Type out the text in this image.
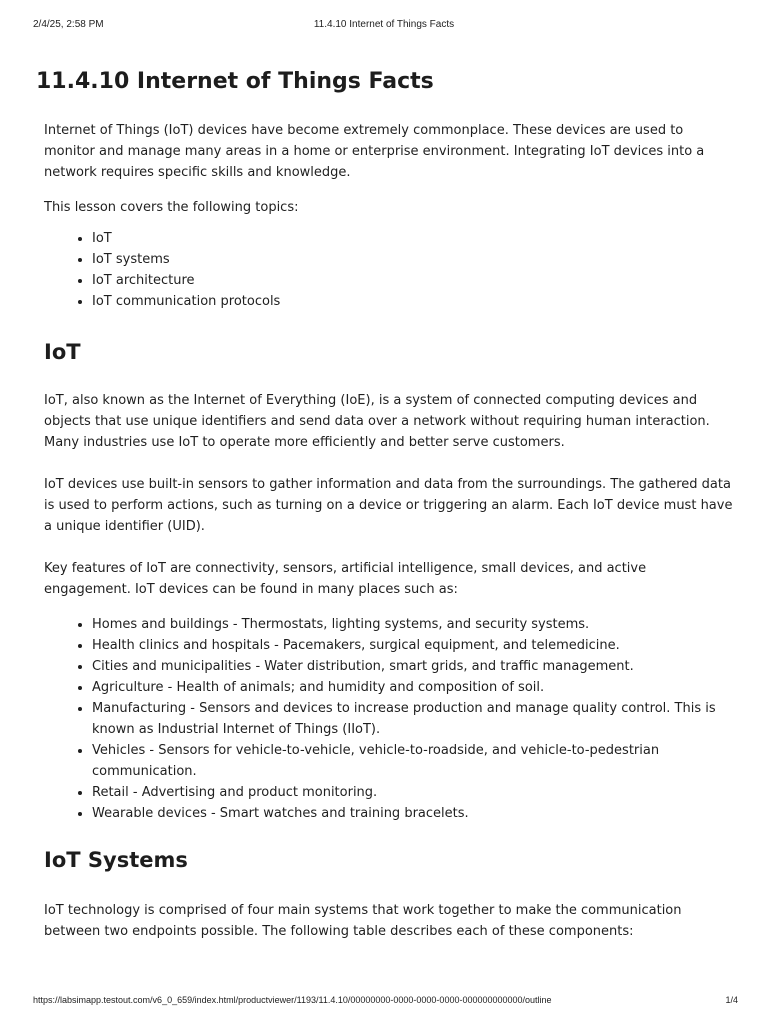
2/4/25, 2:58 PM	11.4.10 Internet of Things Facts
11.4.10 Internet of Things Facts

Internet of Things (IoT) devices have become extremely commonplace. These devices are used to monitor and manage many areas in a home or enterprise environment. Integrating IoT devices into a network requires specific skills and knowledge.

This lesson covers the following topics:

• IoT
• IoT systems
• IoT architecture
• IoT communication protocols
IoT

IoT, also known as the Internet of Everything (IoE), is a system of connected computing devices and objects that use unique identifiers and send data over a network without requiring human interaction. Many industries use IoT to operate more efficiently and better serve customers.

IoT devices use built-in sensors to gather information and data from the surroundings. The gathered data is used to perform actions, such as turning on a device or triggering an alarm. Each IoT device must have a unique identifier (UID).

Key features of IoT are connectivity, sensors, artificial intelligence, small devices, and active engagement. IoT devices can be found in many places such as:

• Homes and buildings - Thermostats, lighting systems, and security systems.
• Health clinics and hospitals - Pacemakers, surgical equipment, and telemedicine.
• Cities and municipalities - Water distribution, smart grids, and traffic management.
• Agriculture - Health of animals; and humidity and composition of soil.
• Manufacturing - Sensors and devices to increase production and manage quality control. This is known as Industrial Internet of Things (IIoT).
• Vehicles - Sensors for vehicle-to-vehicle, vehicle-to-roadside, and vehicle-to-pedestrian communication.
• Retail - Advertising and product monitoring.
• Wearable devices - Smart watches and training bracelets.
IoT Systems

IoT technology is comprised of four main systems that work together to make the communication between two endpoints possible. The following table describes each of these components:

https://labsimapp.testout.com/v6_0_659/index.html/productviewer/1193/11.4.10/00000000-0000-0000-0000-000000000000/outline	1/4
